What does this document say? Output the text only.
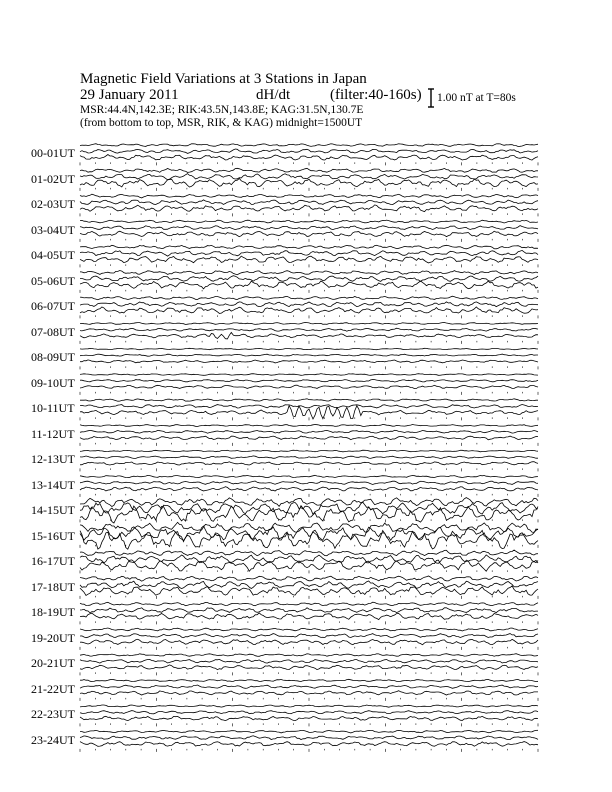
Magnetic Field Variations at 3 Stations in Japan
29 January 2011	dH/dt	(filter:40-160s)
MSR:44.4N,142.3E; RIK:43.5N,143.8E; KAG:31.5N,130.7E
(from bottom to top, MSR, RIK, & KAG) midnight=1500UT
1.00 nT at T=80s
00-01UT
01-02UT
02-03UT
03-04UT
04-05UT
05-06UT
06-07UT
07-08UT
08-09UT
09-10UT
10-11UT
11-12UT
12-13UT
13-14UT
14-15UT
15-16UT
16-17UT
17-18UT
18-19UT
19-20UT
20-21UT
21-22UT
22-23UT
23-24UT
